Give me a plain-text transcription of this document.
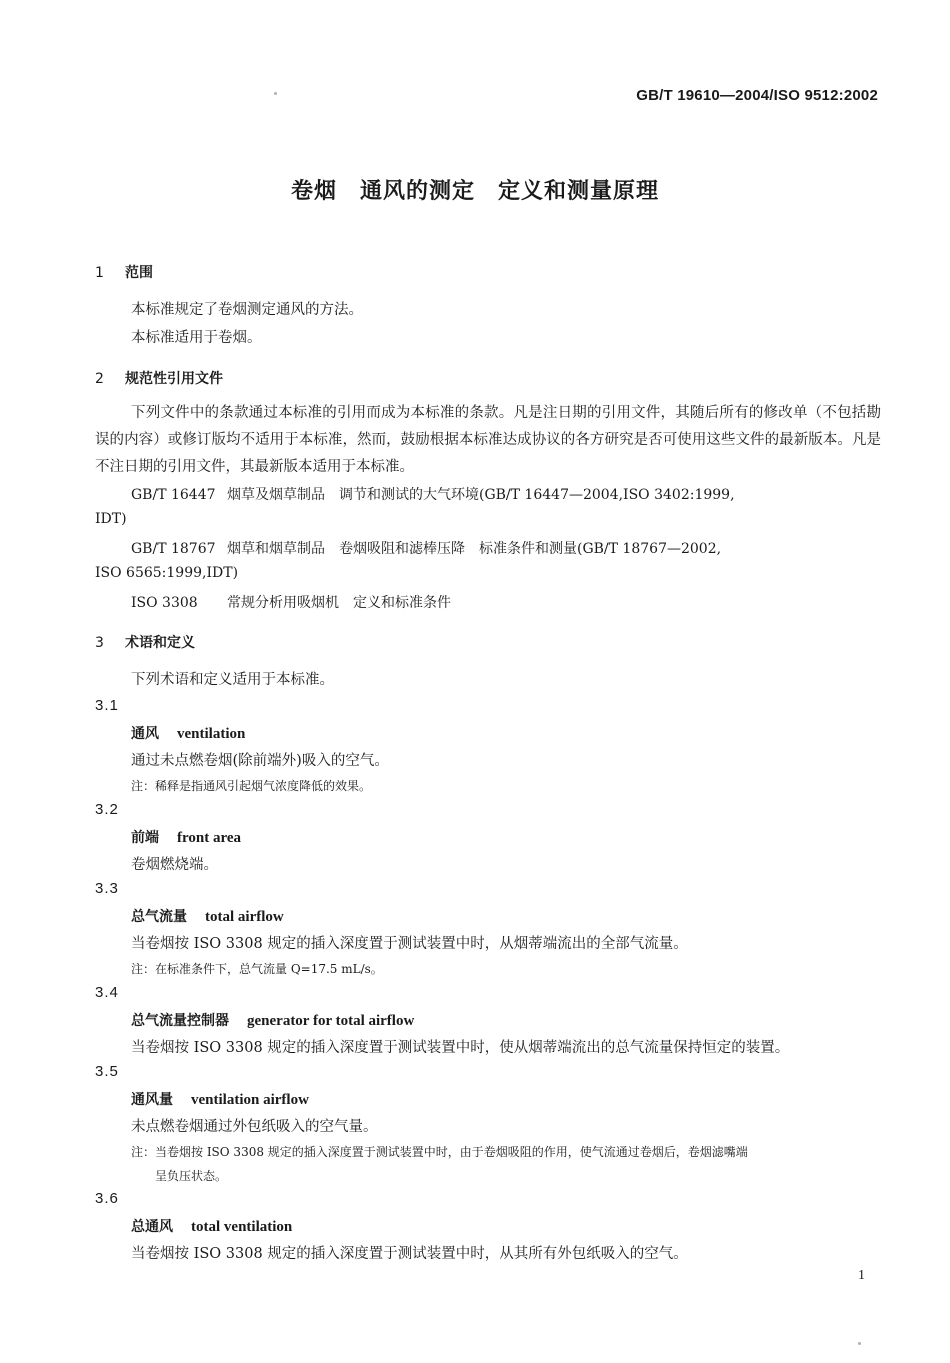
GB/T 19610—2004/ISO 9512:2002
卷烟　通风的测定　定义和测量原理
1 范围
本标准规定了卷烟测定通风的方法。
本标准适用于卷烟。
2 规范性引用文件
下列文件中的条款通过本标准的引用而成为本标准的条款。凡是注日期的引用文件，其随后所有的修改单（不包括勘误的内容）或修订版均不适用于本标准，然而，鼓励根据本标准达成协议的各方研究是否可使用这些文件的最新版本。凡是不注日期的引用文件，其最新版本适用于本标准。
GB/T 16447 烟草及烟草制品　调节和测试的大气环境(GB/T 16447—2004,ISO 3402:1999,
IDT)
GB/T 18767 烟草和烟草制品　卷烟吸阻和滤棒压降　标准条件和测量(GB/T 18767—2002,
ISO 6565:1999,IDT)
ISO 3308 常规分析用吸烟机　定义和标准条件
3 术语和定义
下列术语和定义适用于本标准。
3.1
通风 ventilation
通过未点燃卷烟(除前端外)吸入的空气。
注：稀释是指通风引起烟气浓度降低的效果。
3.2
前端 front area
卷烟燃烧端。
3.3
总气流量 total airflow
当卷烟按 ISO 3308 规定的插入深度置于测试装置中时，从烟蒂端流出的全部气流量。
注：在标准条件下，总气流量 Q=17.5 mL/s。
3.4
总气流量控制器 generator for total airflow
当卷烟按 ISO 3308 规定的插入深度置于测试装置中时，使从烟蒂端流出的总气流量保持恒定的装置。
3.5
通风量 ventilation airflow
未点燃卷烟通过外包纸吸入的空气量。
注：当卷烟按 ISO 3308 规定的插入深度置于测试装置中时，由于卷烟吸阻的作用，使气流通过卷烟后，卷烟滤嘴端
呈负压状态。
3.6
总通风 total ventilation
当卷烟按 ISO 3308 规定的插入深度置于测试装置中时，从其所有外包纸吸入的空气。
1
